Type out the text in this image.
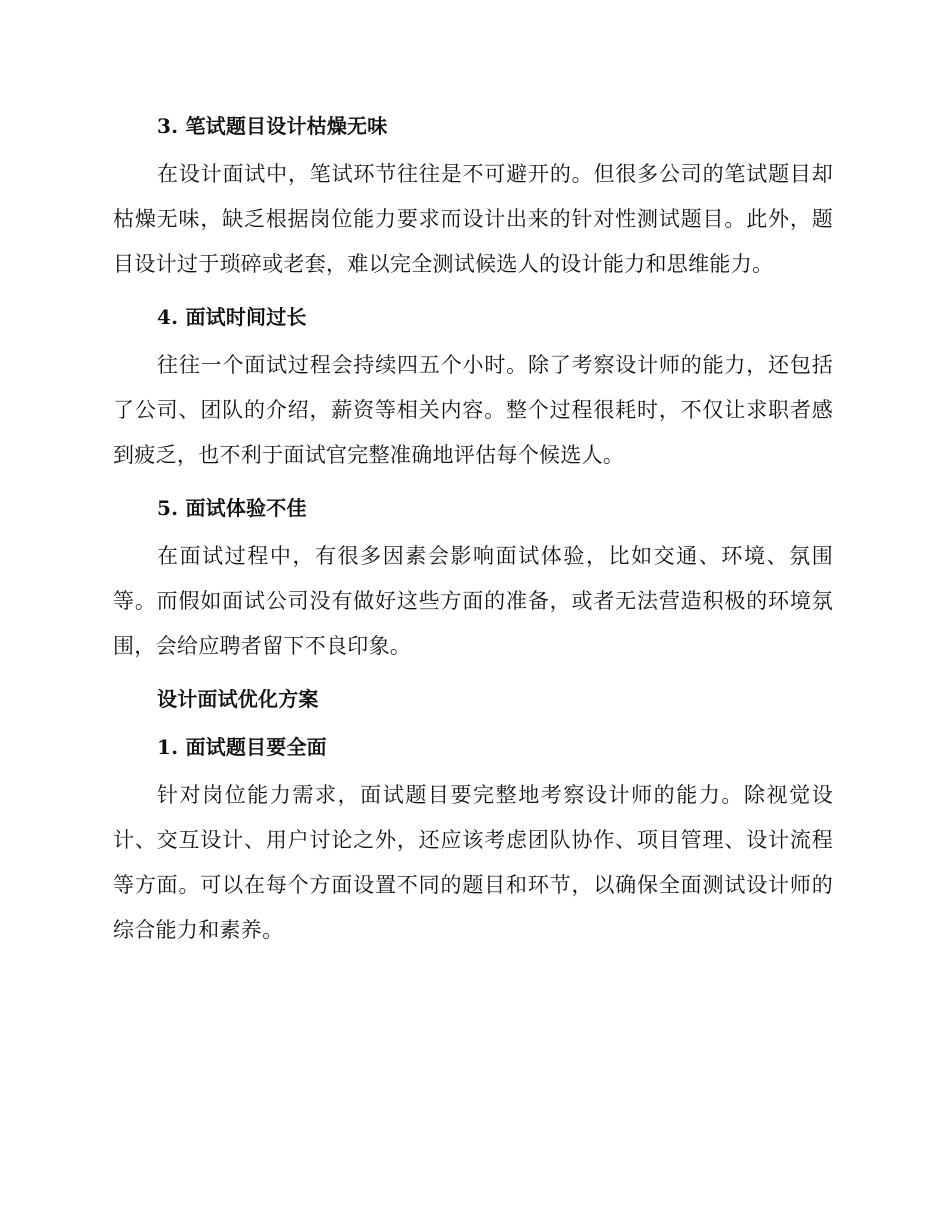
3. 笔试题目设计枯燥无味

在设计面试中，笔试环节往往是不可避开的。但很多公司的笔试题目却枯燥无味，缺乏根据岗位能力要求而设计出来的针对性测试题目。此外，题目设计过于琐碎或老套，难以完全测试候选人的设计能力和思维能力。

4. 面试时间过长

往往一个面试过程会持续四五个小时。除了考察设计师的能力，还包括了公司、团队的介绍，薪资等相关内容。整个过程很耗时，不仅让求职者感到疲乏，也不利于面试官完整准确地评估每个候选人。

5. 面试体验不佳

在面试过程中，有很多因素会影响面试体验，比如交通、环境、氛围等。而假如面试公司没有做好这些方面的准备，或者无法营造积极的环境氛围，会给应聘者留下不良印象。

设计面试优化方案
1. 面试题目要全面

针对岗位能力需求，面试题目要完整地考察设计师的能力。除视觉设计、交互设计、用户讨论之外，还应该考虑团队协作、项目管理、设计流程等方面。可以在每个方面设置不同的题目和环节，以确保全面测试设计师的综合能力和素养。
